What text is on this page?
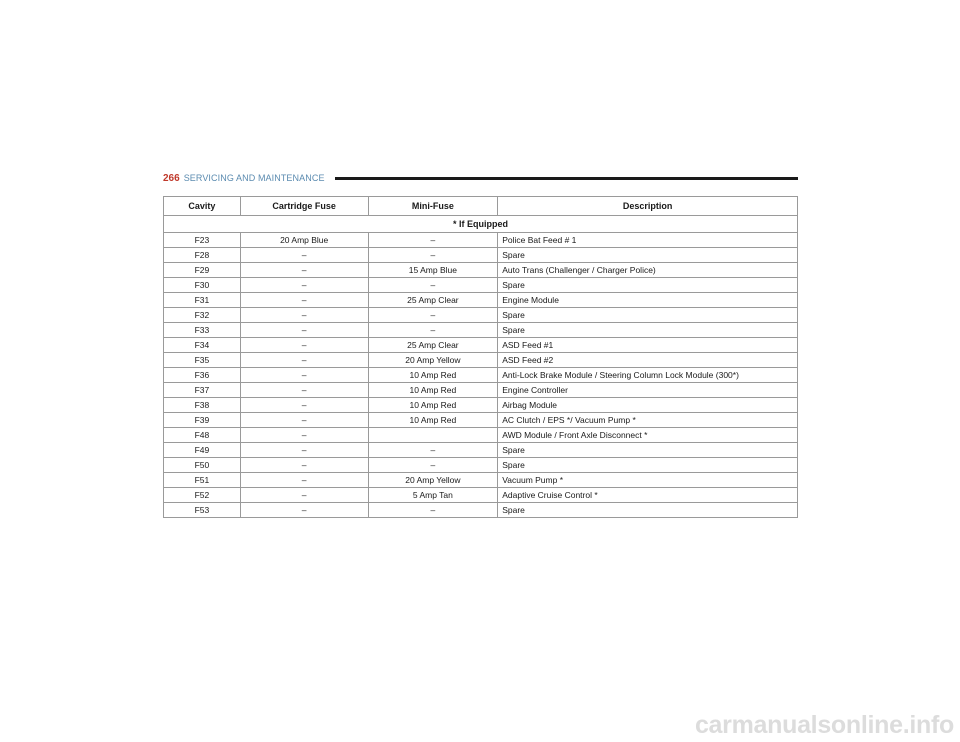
266 SERVICING AND MAINTENANCE
Cavity	Cartridge Fuse	Mini-Fuse	Description
* If Equipped			
F23	20 Amp Blue	–	Police Bat Feed # 1
F28	–	–	Spare
F29	–	15 Amp Blue	Auto Trans (Challenger / Charger Police)
F30	–	–	Spare
F31	–	25 Amp Clear	Engine Module
F32	–	–	Spare
F33	–	–	Spare
F34	–	25 Amp Clear	ASD Feed #1
F35	–	20 Amp Yellow	ASD Feed #2
F36	–	10 Amp Red	Anti-Lock Brake Module / Steering Column Lock Module (300*)
F37	–	10 Amp Red	Engine Controller
F38	–	10 Amp Red	Airbag Module
F39	–	10 Amp Red	AC Clutch / EPS */ Vacuum Pump *
F48	–		AWD Module / Front Axle Disconnect *
F49	–	–	Spare
F50	–	–	Spare
F51	–	20 Amp Yellow	Vacuum Pump *
F52	–	5 Amp Tan	Adaptive Cruise Control *
F53	–	–	Spare
carmanualsonline.info
